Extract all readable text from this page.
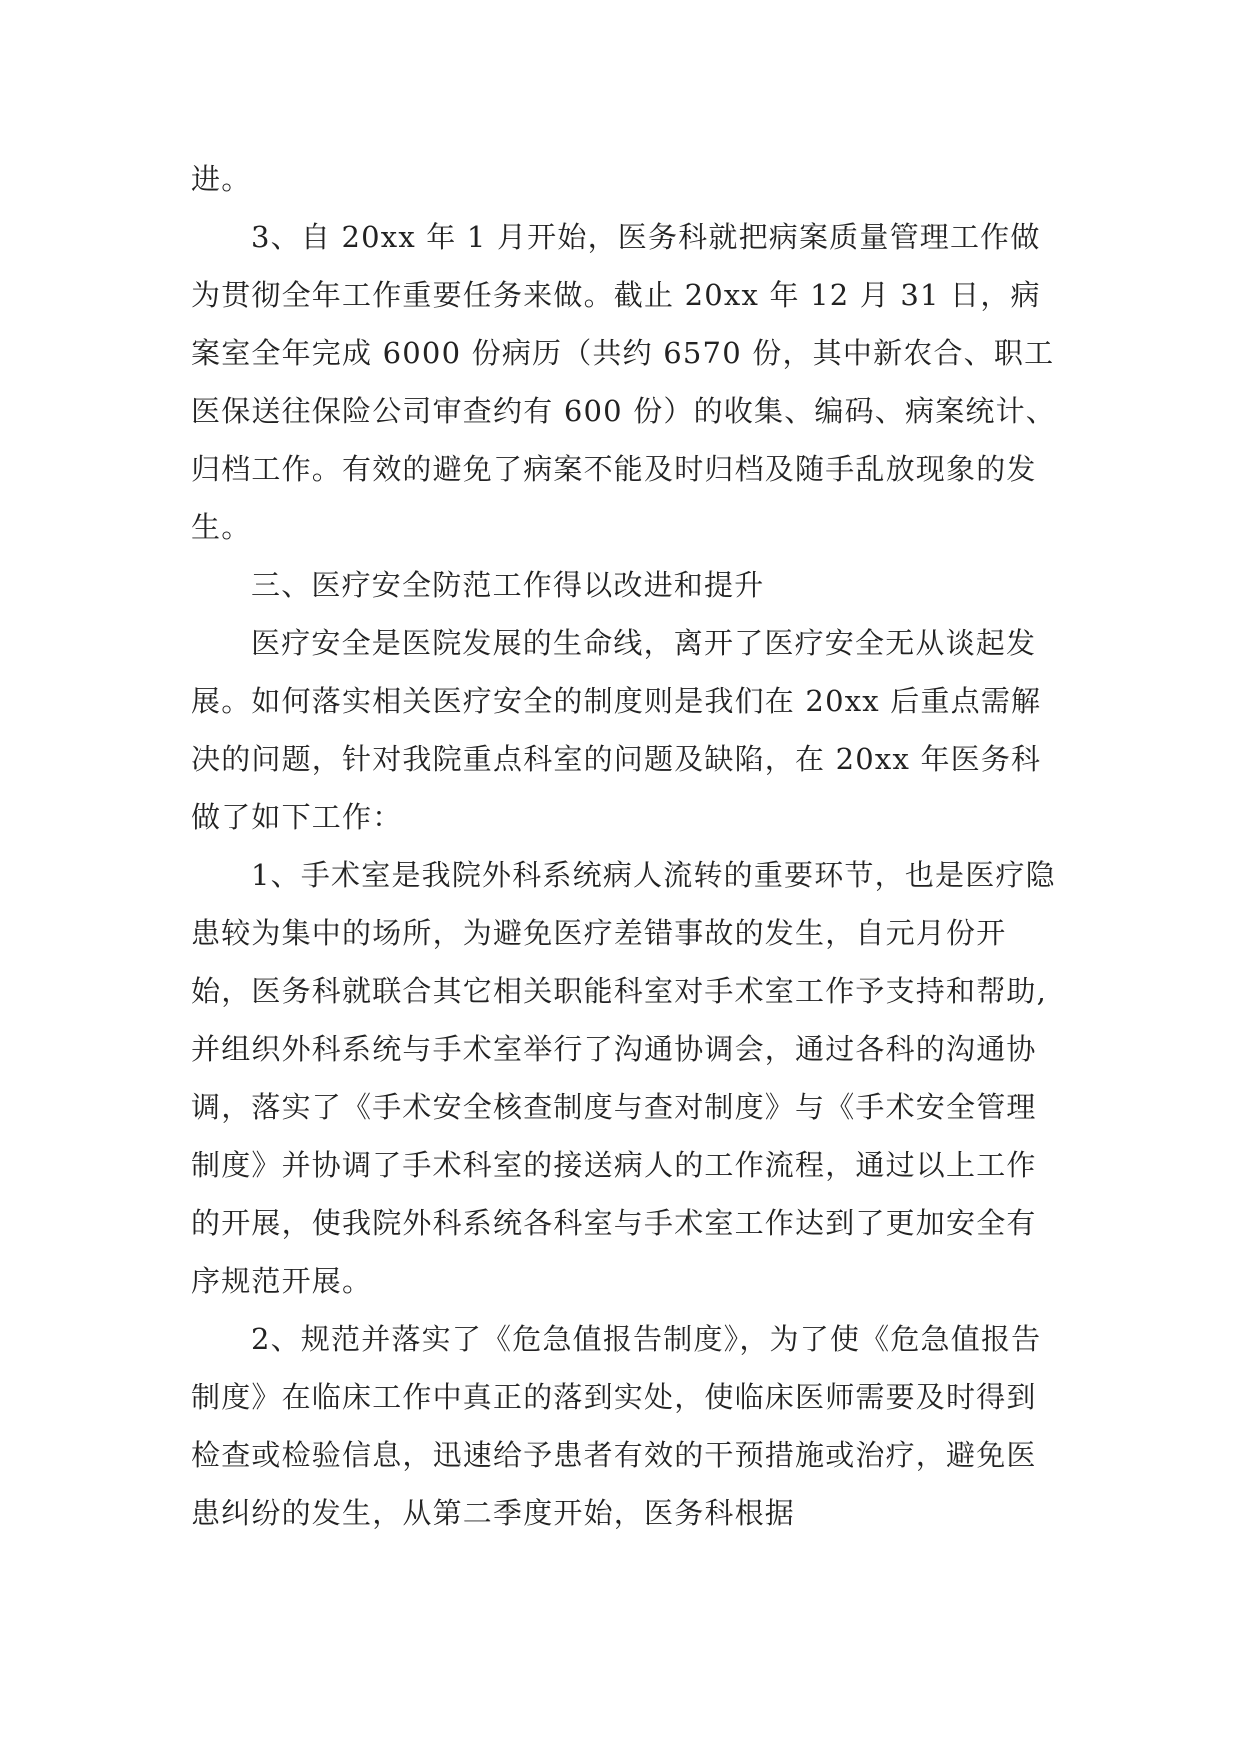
进。

3、自 20xx 年 1 月开始，医务科就把病案质量管理工作做为贯彻全年工作重要任务来做。截止 20xx 年 12 月 31 日，病案室全年完成 6000 份病历（共约 6570 份，其中新农合、职工医保送往保险公司审查约有 600 份）的收集、编码、病案统计、归档工作。有效的避免了病案不能及时归档及随手乱放现象的发生。

三、医疗安全防范工作得以改进和提升

医疗安全是医院发展的生命线，离开了医疗安全无从谈起发展。如何落实相关医疗安全的制度则是我们在 20xx 后重点需解决的问题，针对我院重点科室的问题及缺陷，在 20xx 年医务科做了如下工作：

1、手术室是我院外科系统病人流转的重要环节，也是医疗隐患较为集中的场所，为避免医疗差错事故的发生，自元月份开始，医务科就联合其它相关职能科室对手术室工作予支持和帮助,并组织外科系统与手术室举行了沟通协调会，通过各科的沟通协调，落实了《手术安全核查制度与查对制度》与《手术安全管理制度》并协调了手术科室的接送病人的工作流程，通过以上工作的开展，使我院外科系统各科室与手术室工作达到了更加安全有序规范开展。

2、规范并落实了《危急值报告制度》，为了使《危急值报告制度》在临床工作中真正的落到实处，使临床医师需要及时得到检查或检验信息，迅速给予患者有效的干预措施或治疗，避免医患纠纷的发生，从第二季度开始，医务科根据
